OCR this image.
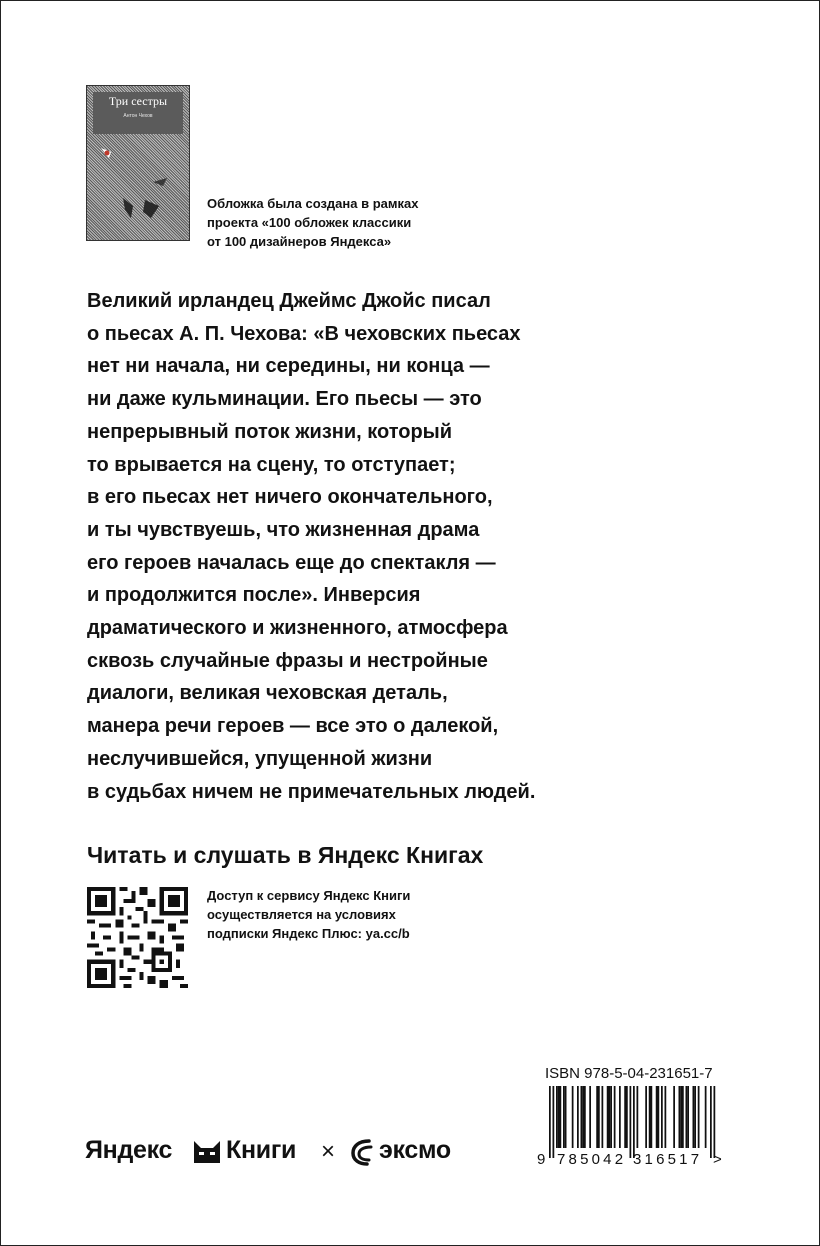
Три сестры
Антон Чехов
Обложка была создана в рамках
проекта «100 обложек классики
от 100 дизайнеров Яндекса»
Великий ирландец Джеймс Джойс писал
о пьесах А. П. Чехова: «В чеховских пьесах
нет ни начала, ни середины, ни конца —
ни даже кульминации. Его пьесы — это
непрерывный поток жизни, который
то врывается на сцену, то отступает;
в его пьесах нет ничего окончательного,
и ты чувствуешь, что жизненная драма
его героев началась еще до спектакля —
и продолжится после». Инверсия
драматического и жизненного, атмосфера
сквозь случайные фразы и нестройные
диалоги, великая чеховская деталь,
манера речи героев — все это о далекой,
неслучившейся, упущенной жизни
в судьбах ничем не примечательных людей.
Читать и слушать в Яндекс Книгах
Доступ к сервису Яндекс Книги
осуществляется на условиях
подписки Яндекс Плюс: ya.cc/b
Яндекс Книги × эксмо
ISBN 978-5-04-231651-7
9 785042 316517 >
